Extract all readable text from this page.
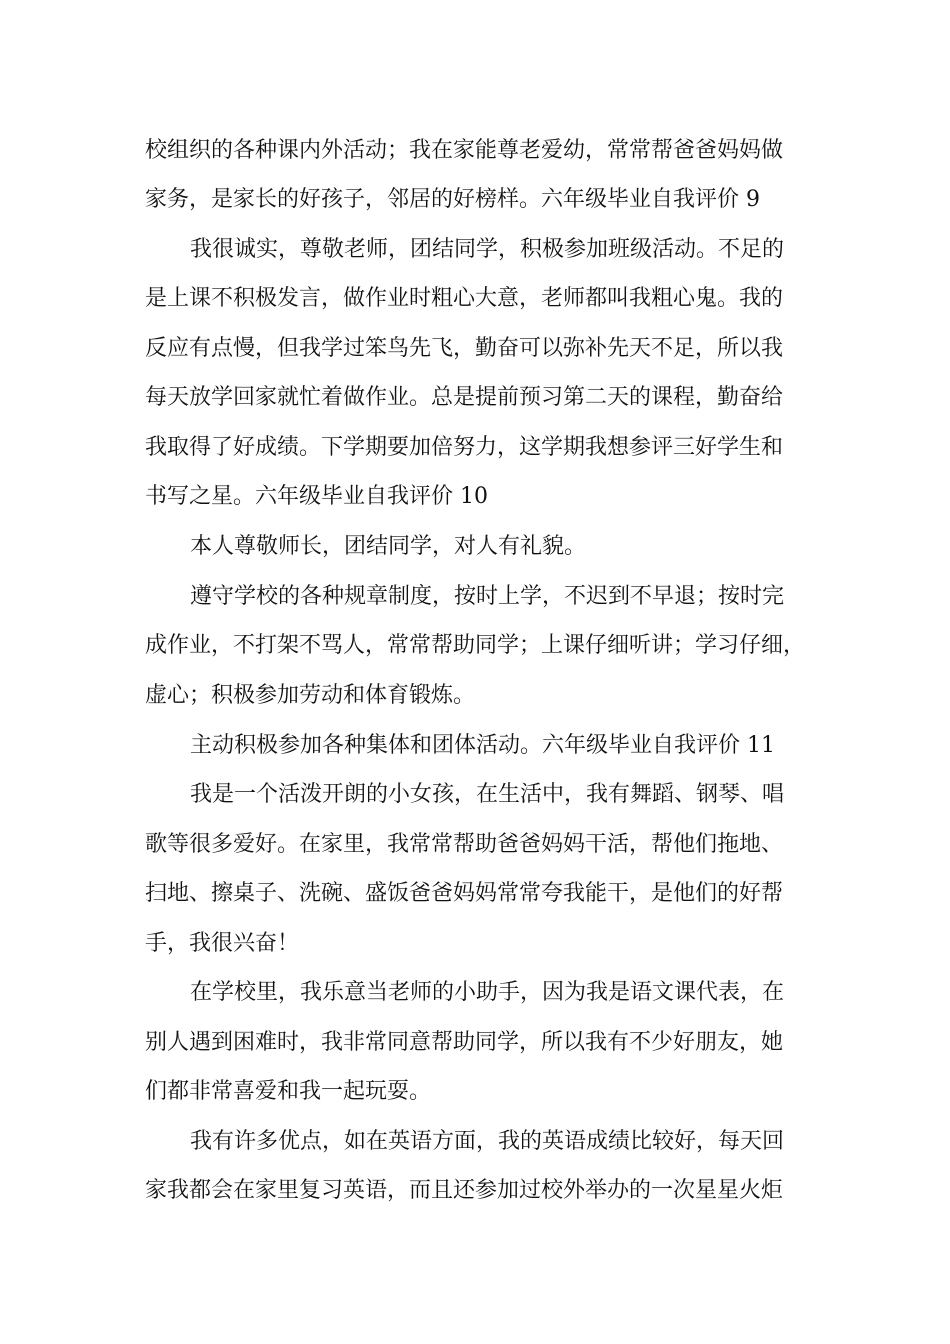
校组织的各种课内外活动；我在家能尊老爱幼，常常帮爸爸妈妈做
家务，是家长的好孩子，邻居的好榜样。六年级毕业自我评价 9
我很诚实，尊敬老师，团结同学，积极参加班级活动。不足的
是上课不积极发言，做作业时粗心大意，老师都叫我粗心鬼。我的
反应有点慢，但我学过笨鸟先飞，勤奋可以弥补先天不足，所以我
每天放学回家就忙着做作业。总是提前预习第二天的课程，勤奋给
我取得了好成绩。下学期要加倍努力，这学期我想参评三好学生和
书写之星。六年级毕业自我评价 10
本人尊敬师长，团结同学，对人有礼貌。
遵守学校的各种规章制度，按时上学，不迟到不早退；按时完
成作业，不打架不骂人，常常帮助同学；上课仔细听讲；学习仔细，
虚心；积极参加劳动和体育锻炼。
主动积极参加各种集体和团体活动。六年级毕业自我评价 11
我是一个活泼开朗的小女孩，在生活中，我有舞蹈、钢琴、唱
歌等很多爱好。在家里，我常常帮助爸爸妈妈干活，帮他们拖地、
扫地、擦桌子、洗碗、盛饭爸爸妈妈常常夸我能干，是他们的好帮
手，我很兴奋！
在学校里，我乐意当老师的小助手，因为我是语文课代表，在
别人遇到困难时，我非常同意帮助同学，所以我有不少好朋友，她
们都非常喜爱和我一起玩耍。
我有许多优点，如在英语方面，我的英语成绩比较好，每天回
家我都会在家里复习英语，而且还参加过校外举办的一次星星火炬
